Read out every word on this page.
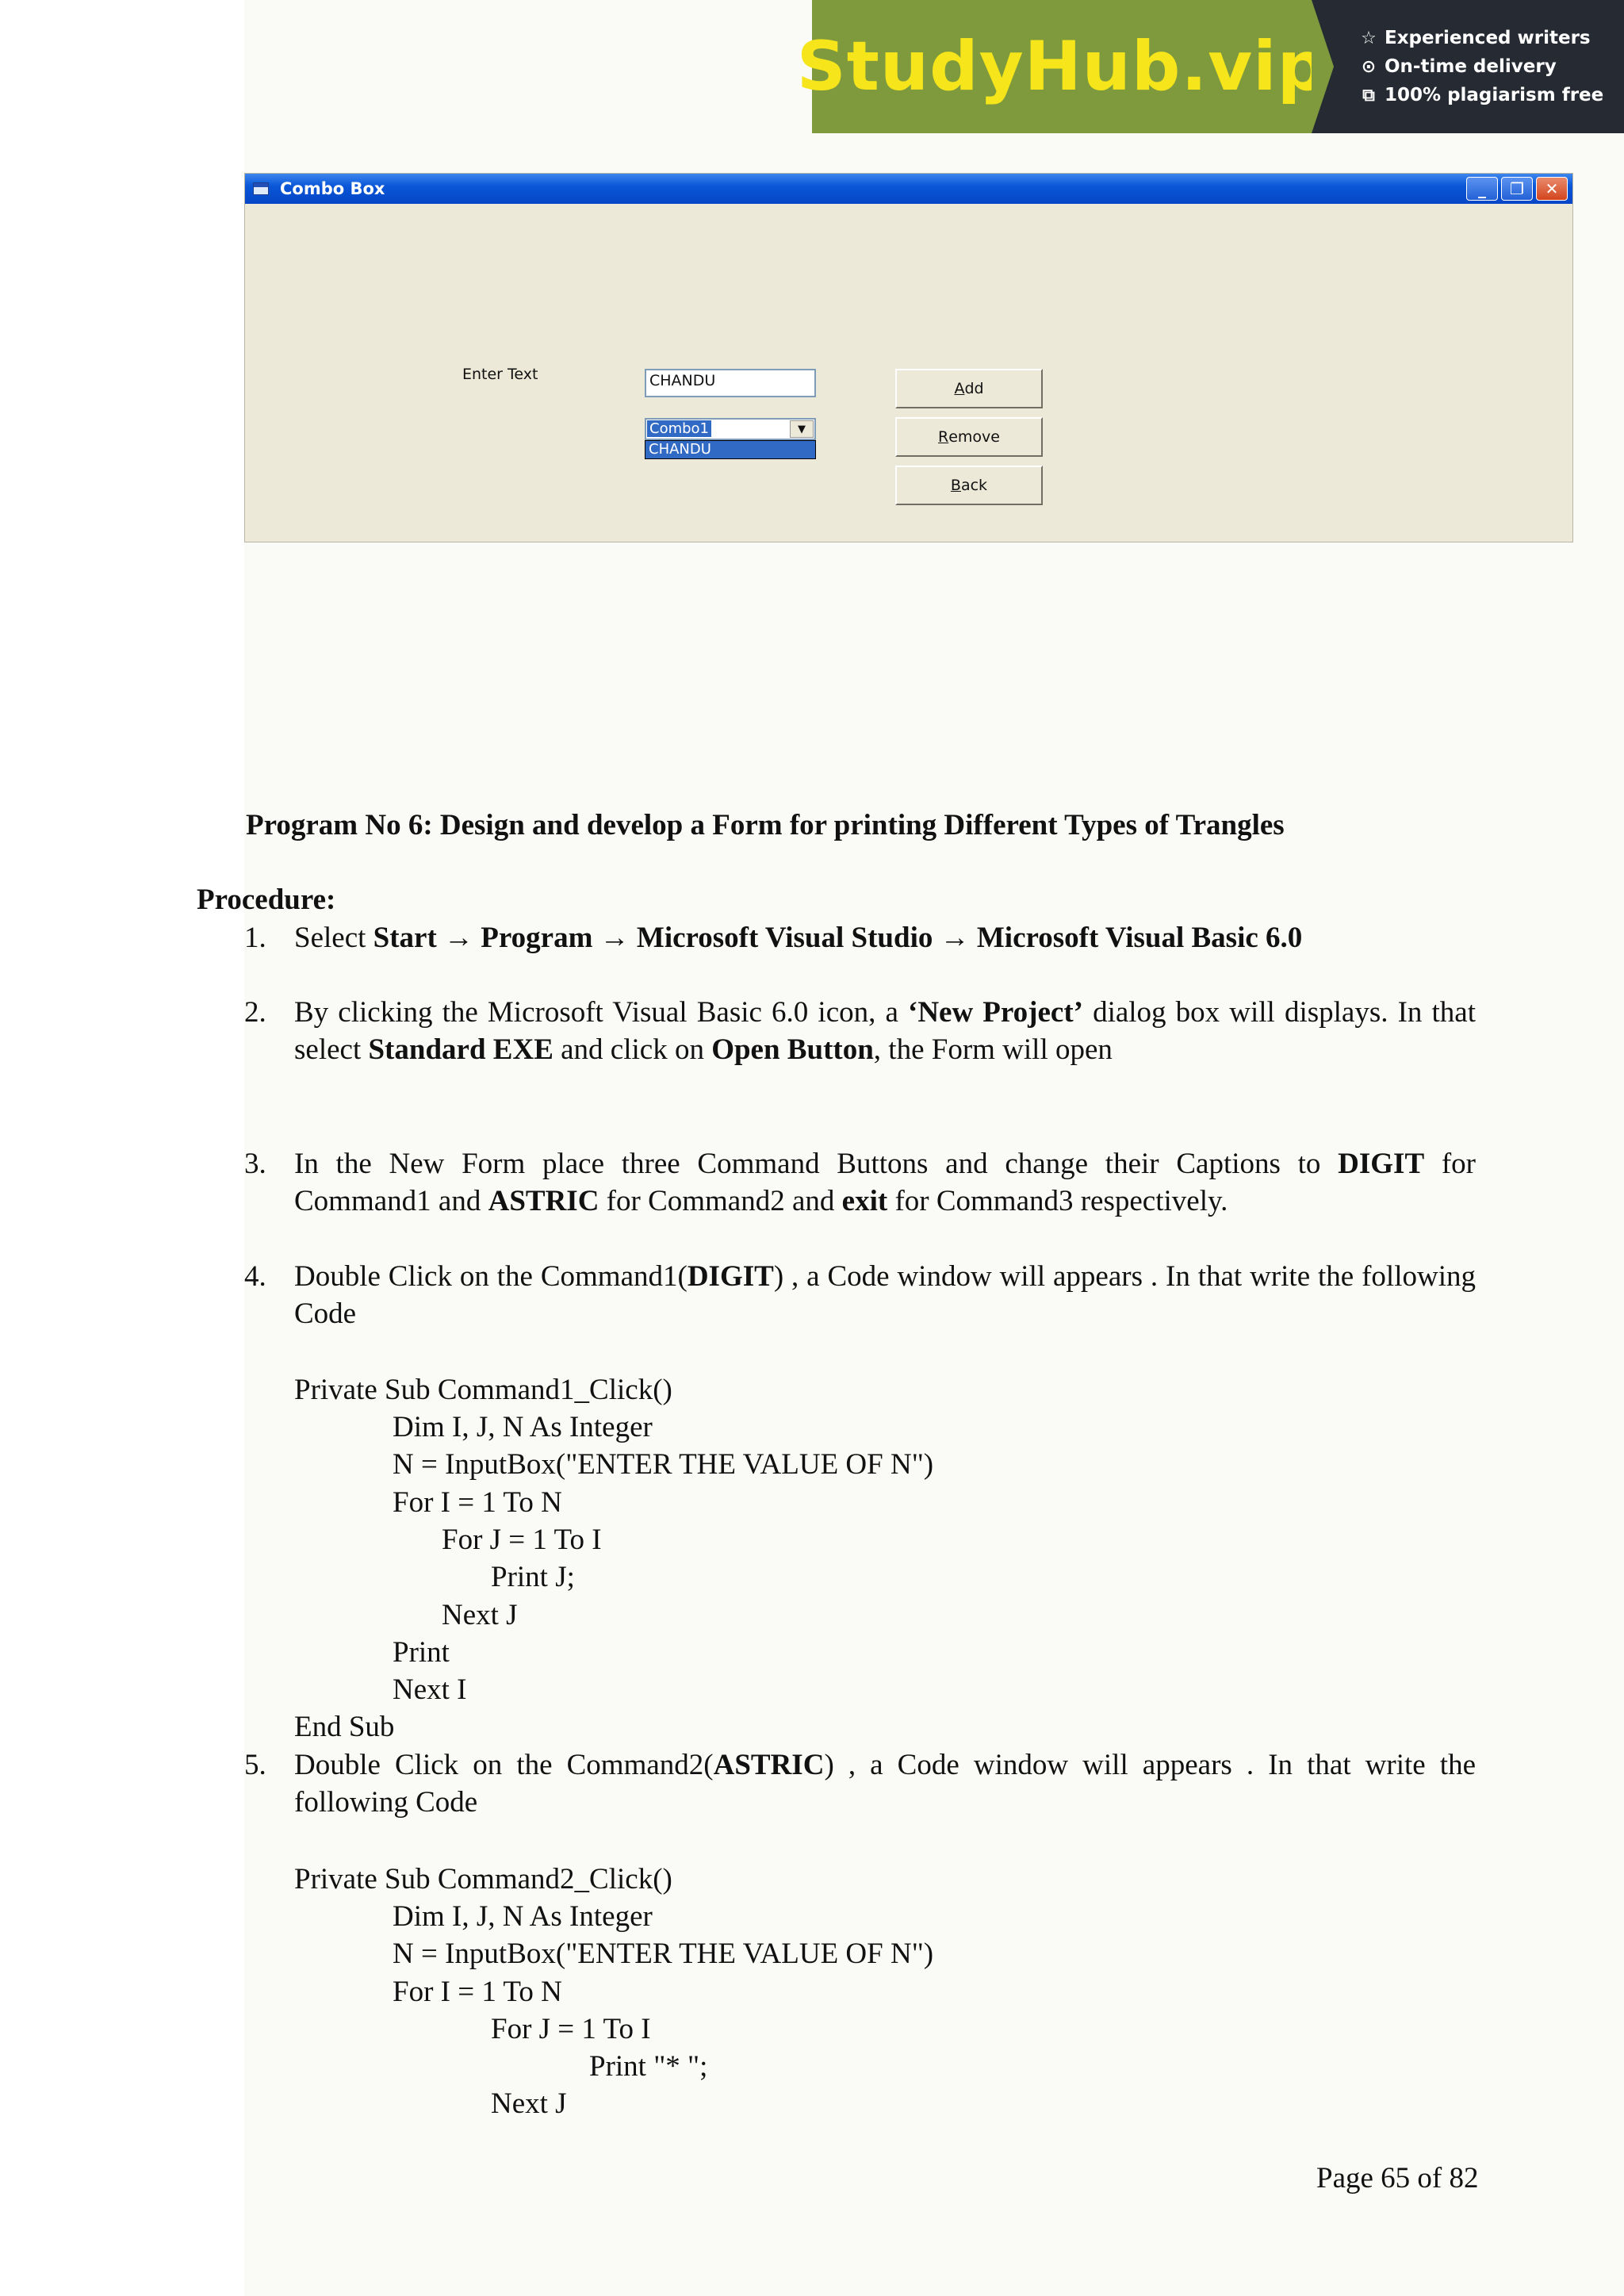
StudyHub.vip ☆ Experienced writers
⊙ On-time delivery
⧉ 100% plagiarism free
Combo Box	_	❐	✕
Enter Text	CHANDU
Combo1	▼
CHANDU
A dd
R emove
B ack
Program No 6: Design and develop a Form for printing Different Types of Trangles
Procedure:
1. Select Start → Program → Microsoft Visual Studio → Microsoft Visual Basic 6.0
2. By clicking the Microsoft Visual Basic 6.0 icon, a ‘New Project’ dialog box will displays. In that select Standard EXE and click on Open Button, the Form will open
3. In the New Form place three Command Buttons and change their Captions to DIGIT for Command1 and ASTRIC for Command2 and exit for Command3 respectively.
4. Double Click on the Command1(DIGIT) , a Code window will appears . In that write the following Code
Private Sub Command1_Click()
Dim I, J, N As Integer
N = InputBox("ENTER THE VALUE OF N")
For I = 1 To N
For J = 1 To I
Print J;
Next J
Print
Next I
End Sub
5. Double Click on the Command2(ASTRIC) , a Code window will appears . In that write the following Code
Private Sub Command2_Click()
Dim I, J, N As Integer
N = InputBox("ENTER THE VALUE OF N")
For I = 1 To N
For J = 1 To I
Print "* ";
Next J
Page 65 of 82
